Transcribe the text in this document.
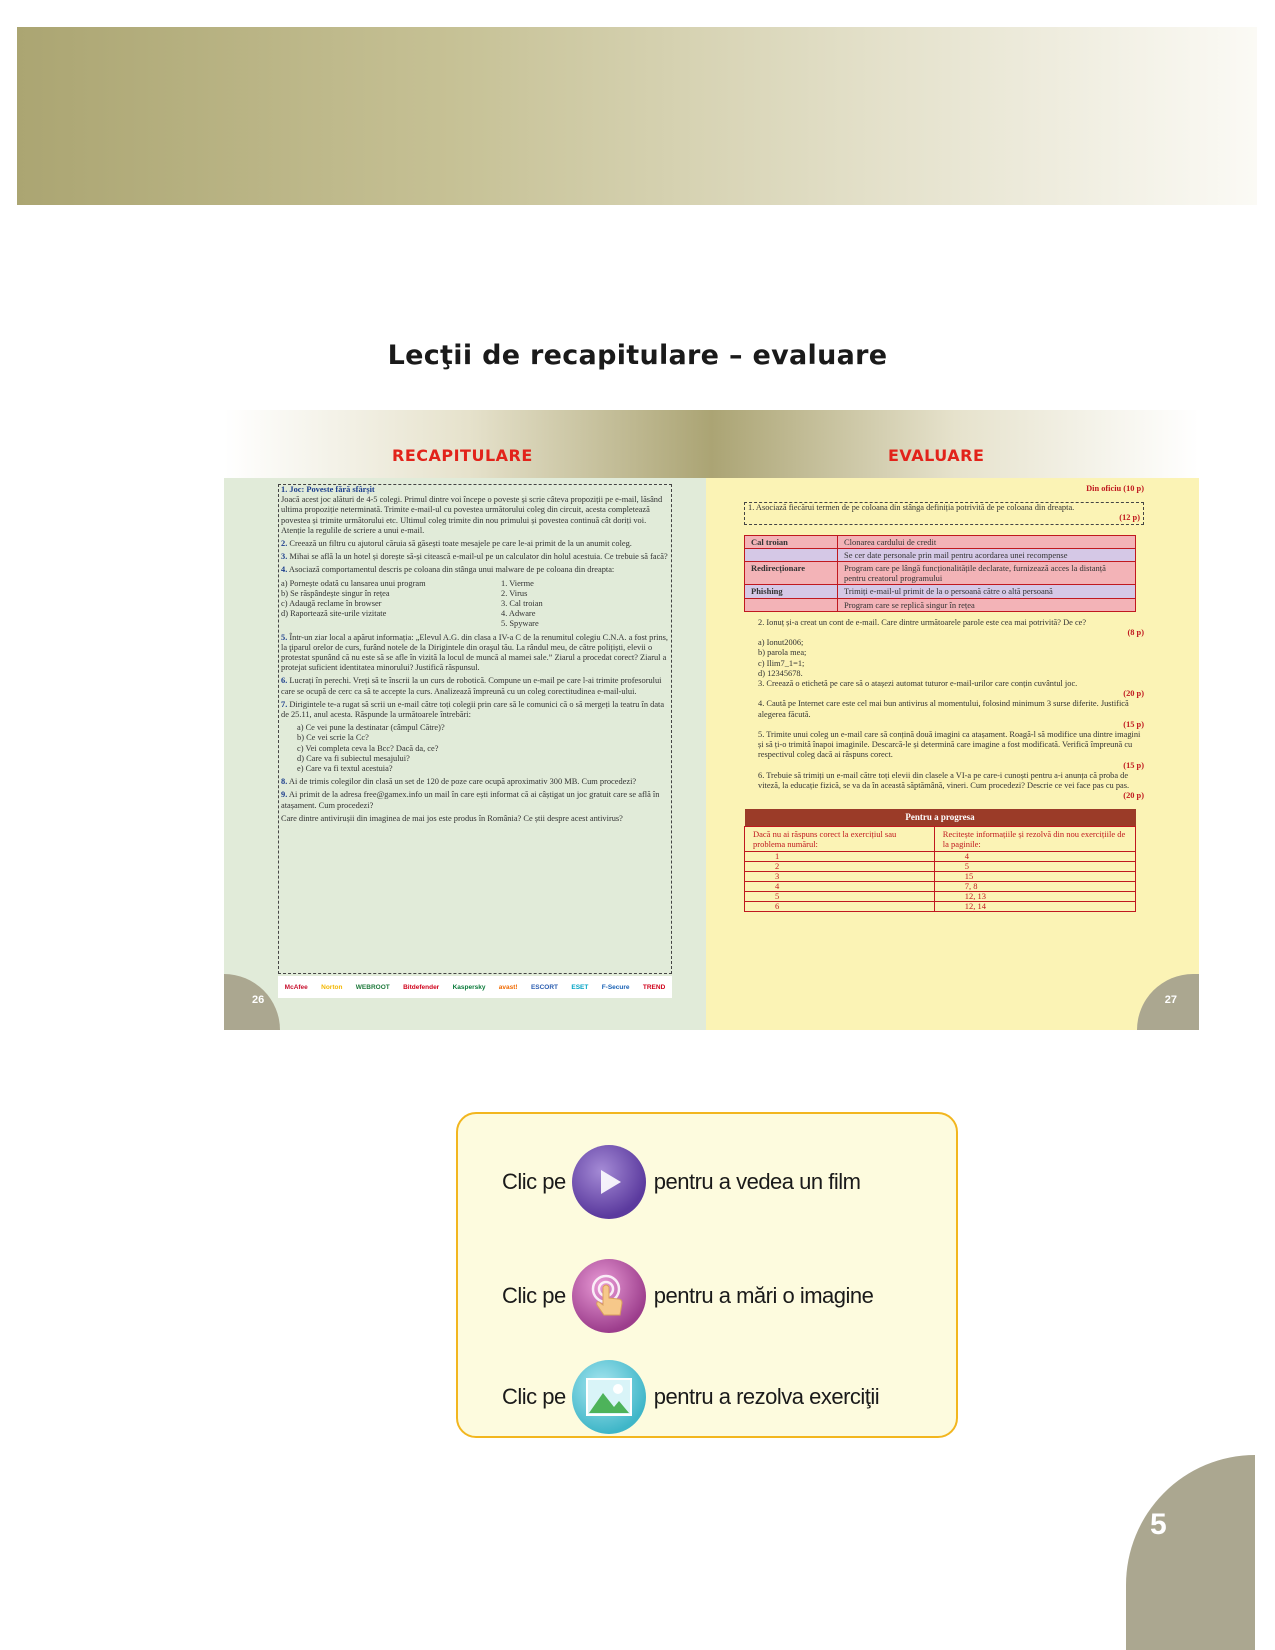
Lecţii de recapitulare – evaluare
RECAPITULARE	EVALUARE

1. Joc: Poveste fără sfârșit
Joacă acest joc alături de 4-5 colegi. Primul dintre voi începe o poveste și scrie câteva propoziții pe e-mail, lăsând ultima propoziție neterminată. Trimite e-mail-ul cu povestea următorului coleg din circuit, acesta completează povestea și trimite următorului etc. Ultimul coleg trimite din nou primului și povestea continuă cât doriți voi. Atenție la regulile de scriere a unui e-mail.

2. Creează un filtru cu ajutorul căruia să găsești toate mesajele pe care le-ai primit de la un anumit coleg.

3. Mihai se află la un hotel și dorește să-și citească e-mail-ul pe un calculator din holul acestuia. Ce trebuie să facă?

4. Asociază comportamentul descris pe coloana din stânga unui malware de pe coloana din dreapta:

a) Pornește odată cu lansarea unui program
b) Se răspândește singur în rețea
c) Adaugă reclame în browser
d) Raportează site-urile vizitate
1. Vierme
2. Virus
3. Cal troian
4. Adware
5. Spyware

5. Într-un ziar local a apărut informația: „Elevul A.G. din clasa a IV-a C de la renumitul colegiu C.N.A. a fost prins, la ţiparul orelor de curs, furând notele de la Dirigintele din oraşul tău. La rândul meu, de către polițiști, elevii o protestat spunând că nu este să se afle în vizită la locul de muncă al mamei sale.” Ziarul a procedat corect? Ziarul a protejat suficient identitatea minorului? Justifică răspunsul.

6. Lucrați în perechi. Vreți să te înscrii la un curs de robotică. Compune un e-mail pe care l-ai trimite profesorului care se ocupă de cerc ca să te accepte la curs. Analizează împreună cu un coleg corectitudinea e-mail-ului.

7. Dirigintele te-a rugat să scrii un e-mail către toți colegii prin care să le comunici că o să mergeți la teatru în data de 25.11, anul acesta. Răspunde la următoarele întrebări:

a) Ce vei pune la destinatar (câmpul Către)?
b) Ce vei scrie la Cc?
c) Vei completa ceva la Bcc? Dacă da, ce?
d) Care va fi subiectul mesajului?
e) Care va fi textul acestuia?

8. Ai de trimis colegilor din clasă un set de 120 de poze care ocupă aproximativ 300 MB. Cum procedezi?

9. Ai primit de la adresa free@gamex.info un mail în care ești informat că ai câștigat un joc gratuit care se află în atașament. Cum procedezi?

Care dintre antivirușii din imaginea de mai jos este produs în România? Ce știi despre acest antivirus?

McAfee Norton WEBROOT Bitdefender Kaspersky avast! ESCORT ESET F-Secure TREND
26
Din oficiu (10 p)
1. Asociază fiecărui termen de pe coloana din stânga definiția potrivită de pe coloana din dreapta.
(12 p)
Cal troian	Clonarea cardului de credit
	Se cer date personale prin mail pentru acordarea unei recompense
Redirecționare	Program care pe lângă funcționalitățile declarate, furnizează acces la distanță pentru creatorul programului
Phishing	Trimiți e-mail-ul primit de la o persoană către o altă persoană
	Program care se replică singur în rețea
2. Ionuț și-a creat un cont de e-mail. Care dintre următoarele parole este cea mai potrivită? De ce?
(8 p)
a) Ionut2006;
b) parola mea;
c) Ilim7_1=1;
d) 12345678.
3. Creează o etichetă pe care să o atașezi automat tuturor e-mail-urilor care conțin cuvântul joc.
(20 p)
4. Caută pe Internet care este cel mai bun antivirus al momentului, folosind minimum 3 surse diferite. Justifică alegerea făcută.
(15 p)
5. Trimite unui coleg un e-mail care să conțină două imagini ca atașament. Roagă-l să modifice una dintre imagini și să ți-o trimită înapoi imaginile. Descarcă-le și determină care imagine a fost modificată. Verifică împreună cu respectivul coleg dacă ai răspuns corect.
(15 p)
6. Trebuie să trimiți un e-mail către toți elevii din clasele a VI-a pe care-i cunoști pentru a-i anunța că proba de viteză, la educație fizică, se va da în această săptămână, vineri. Cum procedezi? Descrie ce vei face pas cu pas.
(20 p)
Pentru a progresa	
Dacă nu ai răspuns corect la exercițiul sau problema numărul:	Recitește informațiile și rezolvă din nou exercițiile de la paginile:
1	4
2	5
3	15
4	7, 8
5	12, 13
6	12, 14
27
Clic pe	pentru a vedea un film
Clic pe	pentru a mări o imagine
Clic pe	pentru a rezolva exerciţii
5
